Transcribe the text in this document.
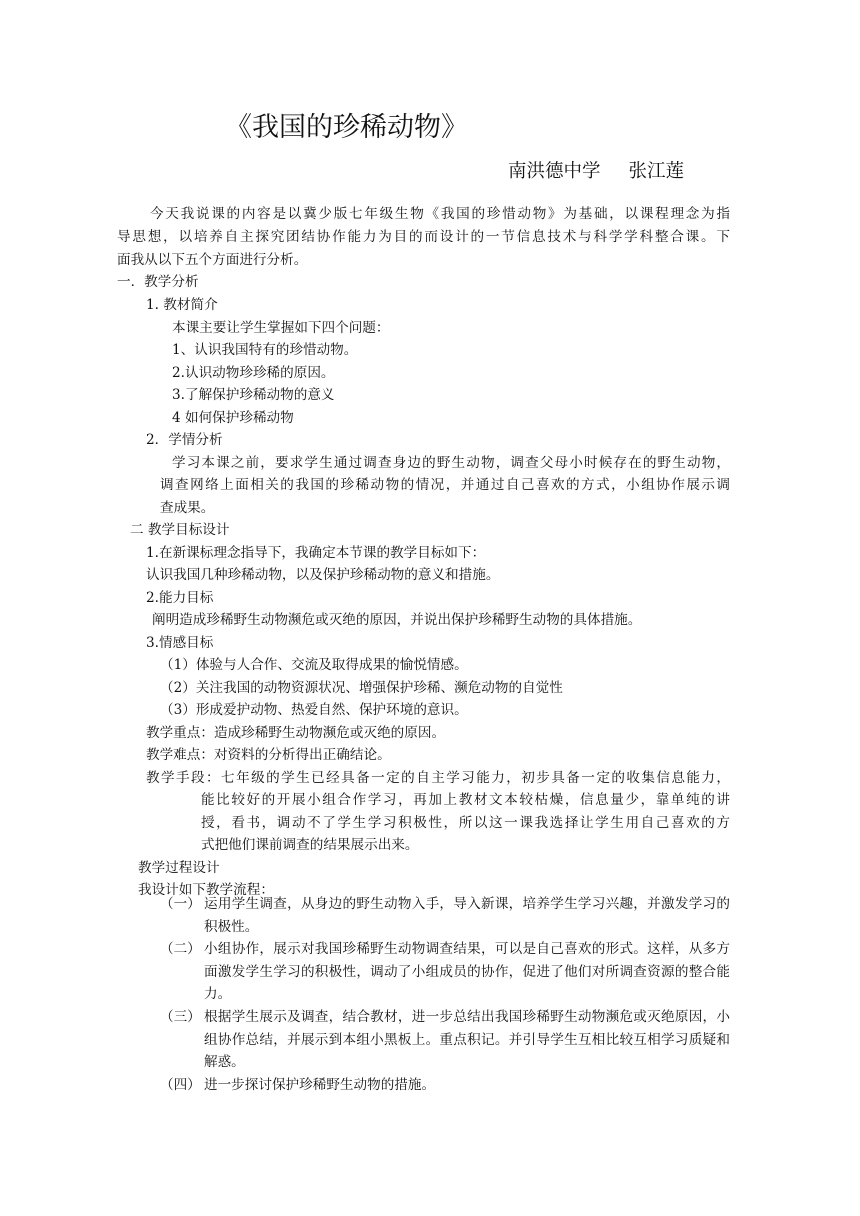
《我国的珍稀动物》
南洪德中学 张江莲
今天我说课的内容是以冀少版七年级生物《我国的珍惜动物》为基础，以课程理念为指
导思想，以培养自主探究团结协作能力为目的而设计的一节信息技术与科学学科整合课。下
面我从以下五个方面进行分析。
一．教学分析
1. 教材简介
本课主要让学生掌握如下四个问题：
1、认识我国特有的珍惜动物。
2.认识动物珍珍稀的原因。
3.了解保护珍稀动物的意义
4 如何保护珍稀动物
2．学情分析
学习本课之前，要求学生通过调查身边的野生动物，调查父母小时候存在的野生动物，
调查网络上面相关的我国的珍稀动物的情况，并通过自己喜欢的方式，小组协作展示调
查成果。
二 教学目标设计
1.在新课标理念指导下，我确定本节课的教学目标如下：
认识我国几种珍稀动物，以及保护珍稀动物的意义和措施。
2.能力目标
阐明造成珍稀野生动物濒危或灭绝的原因，并说出保护珍稀野生动物的具体措施。
3.情感目标
（1）体验与人合作、交流及取得成果的愉悦情感。
（2）关注我国的动物资源状况、增强保护珍稀、濒危动物的自觉性
（3）形成爱护动物、热爱自然、保护环境的意识。
教学重点：造成珍稀野生动物濒危或灭绝的原因。
教学难点：对资料的分析得出正确结论。
教学手段：七年级的学生已经具备一定的自主学习能力，初步具备一定的收集信息能力，
能比较好的开展小组合作学习，再加上教材文本较枯燥，信息量少，靠单纯的讲
授，看书，调动不了学生学习积极性，所以这一课我选择让学生用自己喜欢的方
式把他们课前调查的结果展示出来。
教学过程设计
我设计如下教学流程：
（一） 运用学生调查，从身边的野生动物入手，导入新课，培养学生学习兴趣，并激发学习的积极性。
（二） 小组协作，展示对我国珍稀野生动物调查结果，可以是自己喜欢的形式。这样，从多方面激发学生学习的积极性，调动了小组成员的协作，促进了他们对所调查资源的整合能力。
（三） 根据学生展示及调查，结合教材，进一步总结出我国珍稀野生动物濒危或灭绝原因，小组协作总结，并展示到本组小黑板上。重点积记。并引导学生互相比较互相学习质疑和解惑。
（四） 进一步探讨保护珍稀野生动物的措施。
